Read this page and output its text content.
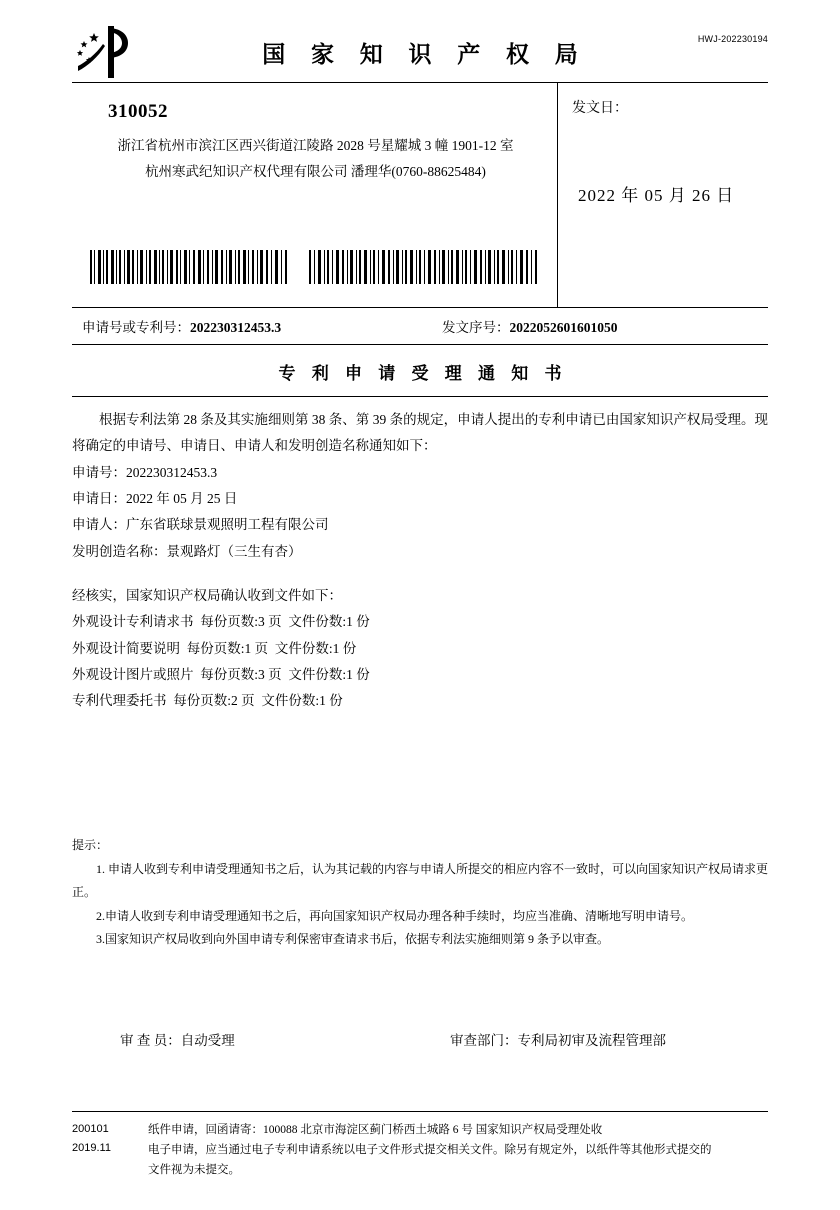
HWJ-202230194
国 家 知 识 产 权 局
310052
浙江省杭州市滨江区西兴街道江陵路 2028 号星耀城 3 幢 1901-12 室
杭州寒武纪知识产权代理有限公司 潘理华(0760-88625484)
发文日：
2022 年 05 月 26 日
申请号或专利号：202230312453.3	发文序号：2022052601601050
专 利 申 请 受 理 通 知 书
根据专利法第 28 条及其实施细则第 38 条、第 39 条的规定，申请人提出的专利申请已由国家知识产权局受理。现将确定的申请号、申请日、申请人和发明创造名称通知如下：
申请号：202230312453.3
申请日：2022 年 05 月 25 日
申请人：广东省联球景观照明工程有限公司
发明创造名称：景观路灯（三生有杏）
经核实，国家知识产权局确认收到文件如下：
外观设计专利请求书  每份页数:3 页  文件份数:1 份
外观设计简要说明  每份页数:1 页  文件份数:1 份
外观设计图片或照片  每份页数:3 页  文件份数:1 份
专利代理委托书  每份页数:2 页  文件份数:1 份
提示：
1. 申请人收到专利申请受理通知书之后，认为其记载的内容与申请人所提交的相应内容不一致时，可以向国家知识产权局请求更正。
2.申请人收到专利申请受理通知书之后，再向国家知识产权局办理各种手续时，均应当准确、清晰地写明申请号。
3.国家知识产权局收到向外国申请专利保密审查请求书后，依据专利法实施细则第 9 条予以审查。
审 查 员：自动受理	审查部门：专利局初审及流程管理部
200101
2019.11
纸件申请，回函请寄：100088 北京市海淀区蓟门桥西土城路 6 号 国家知识产权局受理处收
电子申请，应当通过电子专利申请系统以电子文件形式提交相关文件。除另有规定外，以纸件等其他形式提交的
文件视为未提交。
